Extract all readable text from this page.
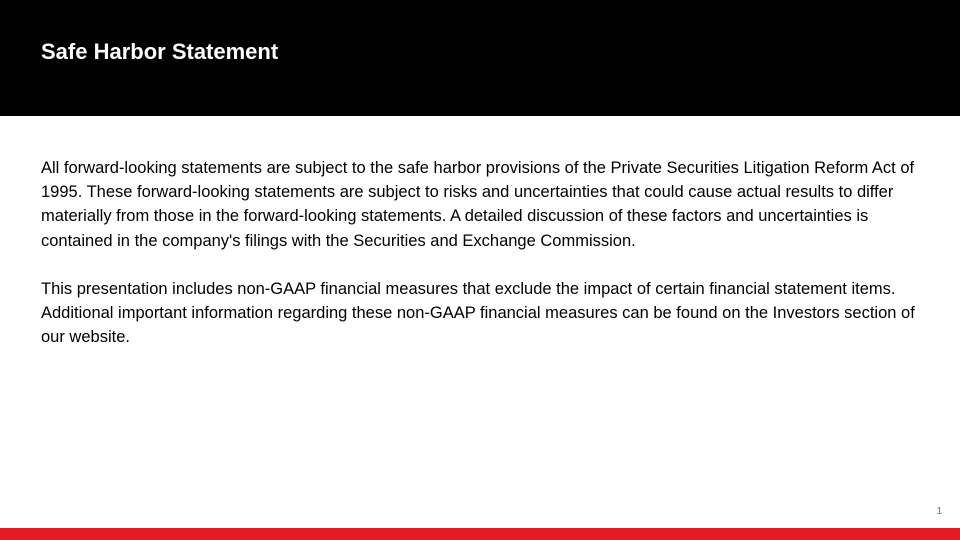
Safe Harbor Statement

All forward-looking statements are subject to the safe harbor provisions of the Private Securities Litigation Reform Act of 1995. These forward-looking statements are subject to risks and uncertainties that could cause actual results to differ materially from those in the forward-looking statements. A detailed discussion of these factors and uncertainties is contained in the company's filings with the Securities and Exchange Commission.

This presentation includes non-GAAP financial measures that exclude the impact of certain financial statement items. Additional important information regarding these non-GAAP financial measures can be found on the Investors section of our website.

1
